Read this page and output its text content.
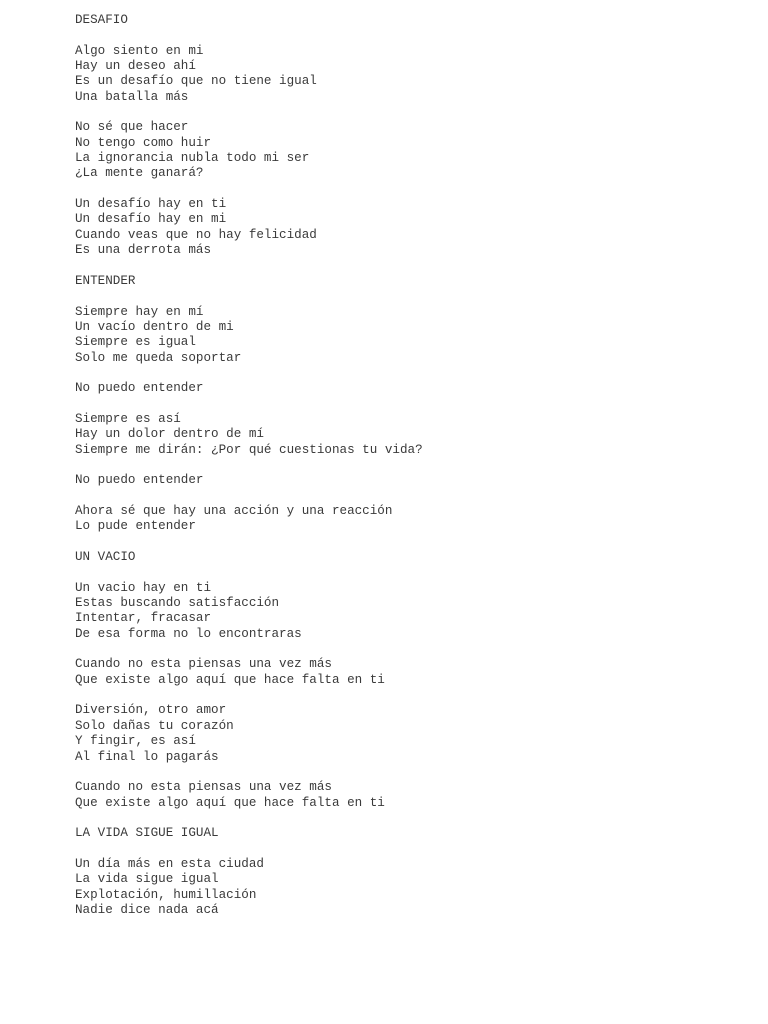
DESAFIO
Algo siento en mi
Hay un deseo ahí
Es un desafío que no tiene igual
Una batalla más
No sé que hacer
No tengo como huir
La ignorancia nubla todo mi ser
¿La mente ganará?
Un desafío hay en ti
Un desafío hay en mi
Cuando veas que no hay felicidad
Es una derrota más
ENTENDER
Siempre hay en mí
Un vacío dentro de mi
Siempre es igual
Solo me queda soportar
No puedo entender
Siempre es así
Hay un dolor dentro de mí
Siempre me dirán: ¿Por qué cuestionas tu vida?
No puedo entender
Ahora sé que hay una acción y una reacción
Lo pude entender
UN VACIO
Un vacio hay en ti
Estas buscando satisfacción
Intentar, fracasar
De esa forma no lo encontraras
Cuando no esta piensas una vez más
Que existe algo aquí que hace falta en ti
Diversión, otro amor
Solo dañas tu corazón
Y fingir, es así
Al final lo pagarás
Cuando no esta piensas una vez más
Que existe algo aquí que hace falta en ti
LA VIDA SIGUE IGUAL
Un día más en esta ciudad
La vida sigue igual
Explotación, humillación
Nadie dice nada acá
